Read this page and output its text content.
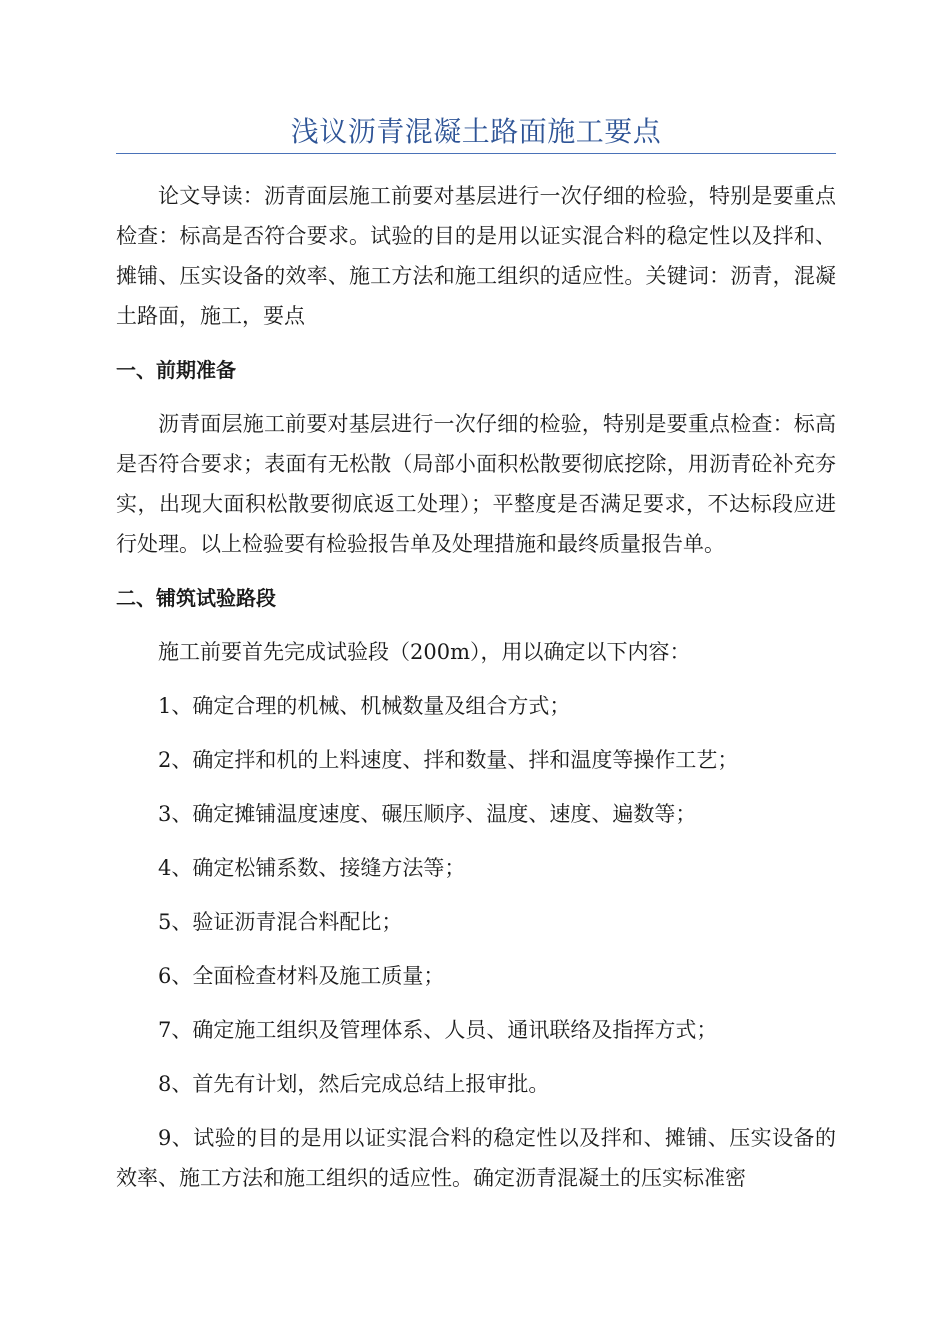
浅议沥青混凝土路面施工要点

论文导读：沥青面层施工前要对基层进行一次仔细的检验，特别是要重点检查：标高是否符合要求。试验的目的是用以证实混合料的稳定性以及拌和、摊铺、压实设备的效率、施工方法和施工组织的适应性。关键词：沥青，混凝土路面，施工，要点

一、前期准备

沥青面层施工前要对基层进行一次仔细的检验，特别是要重点检查：标高是否符合要求；表面有无松散（局部小面积松散要彻底挖除，用沥青砼补充夯实，出现大面积松散要彻底返工处理）；平整度是否满足要求，不达标段应进行处理。以上检验要有检验报告单及处理措施和最终质量报告单。

二、铺筑试验路段

施工前要首先完成试验段（200m），用以确定以下内容：

1、确定合理的机械、机械数量及组合方式；

2、确定拌和机的上料速度、拌和数量、拌和温度等操作工艺；

3、确定摊铺温度速度、碾压顺序、温度、速度、遍数等；

4、确定松铺系数、接缝方法等；

5、验证沥青混合料配比；

6、全面检查材料及施工质量；

7、确定施工组织及管理体系、人员、通讯联络及指挥方式；

8、首先有计划，然后完成总结上报审批。

9、试验的目的是用以证实混合料的稳定性以及拌和、摊铺、压实设备的效率、施工方法和施工组织的适应性。确定沥青混凝土的压实标准密
